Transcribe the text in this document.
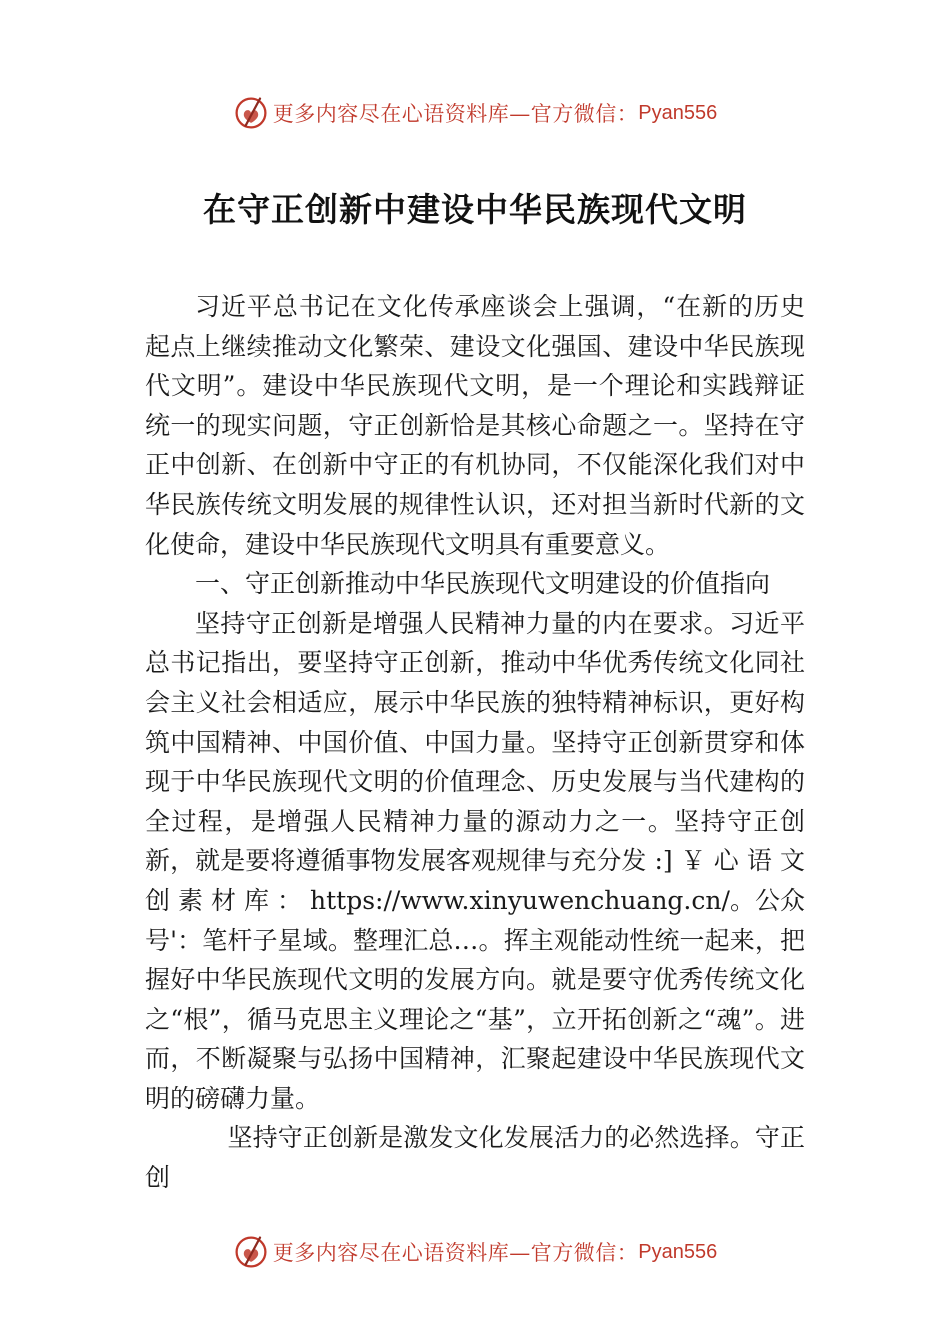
更多内容尽在心语资料库—官方微信： Pyan556
在守正创新中建设中华民族现代文明

习近平总书记在文化传承座谈会上强调，“在新的历史起点上继续推动文化繁荣、建设文化强国、建设中华民族现代文明”。建设中华民族现代文明，是一个理论和实践辩证统一的现实问题，守正创新恰是其核心命题之一。坚持在守正中创新、在创新中守正的有机协同，不仅能深化我们对中华民族传统文明发展的规律性认识，还对担当新时代新的文化使命，建设中华民族现代文明具有重要意义。

一、守正创新推动中华民族现代文明建设的价值指向

坚持守正创新是增强人民精神力量的内在要求。习近平总书记指出，要坚持守正创新，推动中华优秀传统文化同社会主义社会相适应，展示中华民族的独特精神标识，更好构筑中国精神、中国价值、中国力量。坚持守正创新贯穿和体现于中华民族现代文明的价值理念、历史发展与当代建构的全过程，是增强人民精神力量的源动力之一。坚持守正创新，就是要将遵循事物发展客观规律与充分发 :] ￥ 心 语 文 创 素 材 库 ： https://www.xinyuwenchuang.cn/。公众号'：笔杆子星域。整理汇总…。挥主观能动性统一起来，把握好中华民族现代文明的发展方向。就是要守优秀传统文化之“根”，循马克思主义理论之“基”，立开拓创新之“魂”。进而，不断凝聚与弘扬中国精神，汇聚起建设中华民族现代文明的磅礴力量。

坚持守正创新是激发文化发展活力的必然选择。守正创

更多内容尽在心语资料库—官方微信： Pyan556
